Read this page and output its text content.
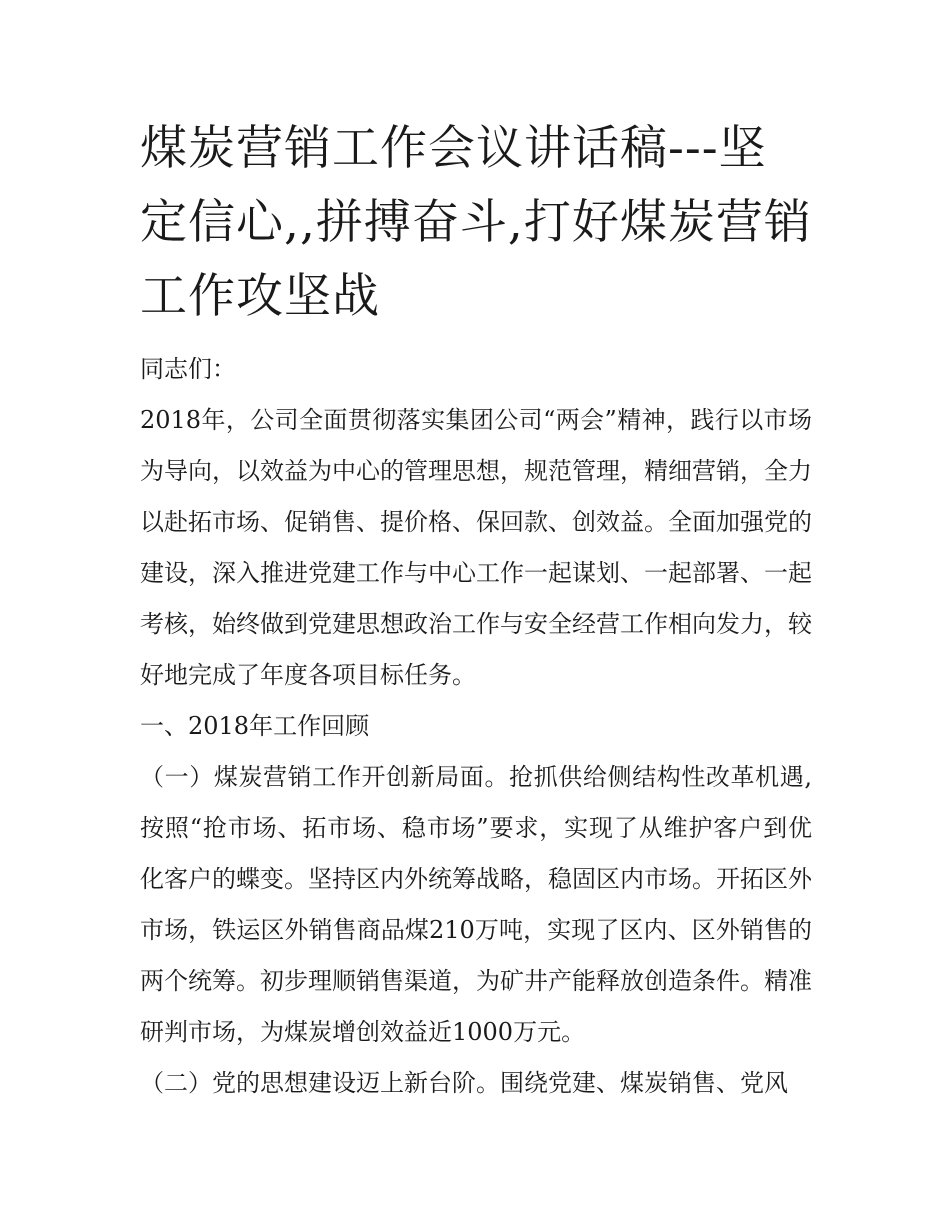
煤炭营销工作会议讲话稿---坚定信心,,拼搏奋斗,打好煤炭营销工作攻坚战

同志们：

2018年，公司全面贯彻落实集团公司“两会”精神，践行以市场为导向，以效益为中心的管理思想，规范管理，精细营销，全力以赴拓市场、促销售、提价格、保回款、创效益。全面加强党的建设，深入推进党建工作与中心工作一起谋划、一起部署、一起考核，始终做到党建思想政治工作与安全经营工作相向发力，较好地完成了年度各项目标任务。

一、2018年工作回顾

（一）煤炭营销工作开创新局面。抢抓供给侧结构性改革机遇,按照“抢市场、拓市场、稳市场”要求，实现了从维护客户到优化客户的蝶变。坚持区内外统筹战略，稳固区内市场。开拓区外市场，铁运区外销售商品煤210万吨，实现了区内、区外销售的两个统筹。初步理顺销售渠道，为矿井产能释放创造条件。精准研判市场，为煤炭增创效益近1000万元。

（二）党的思想建设迈上新台阶。围绕党建、煤炭销售、党风
